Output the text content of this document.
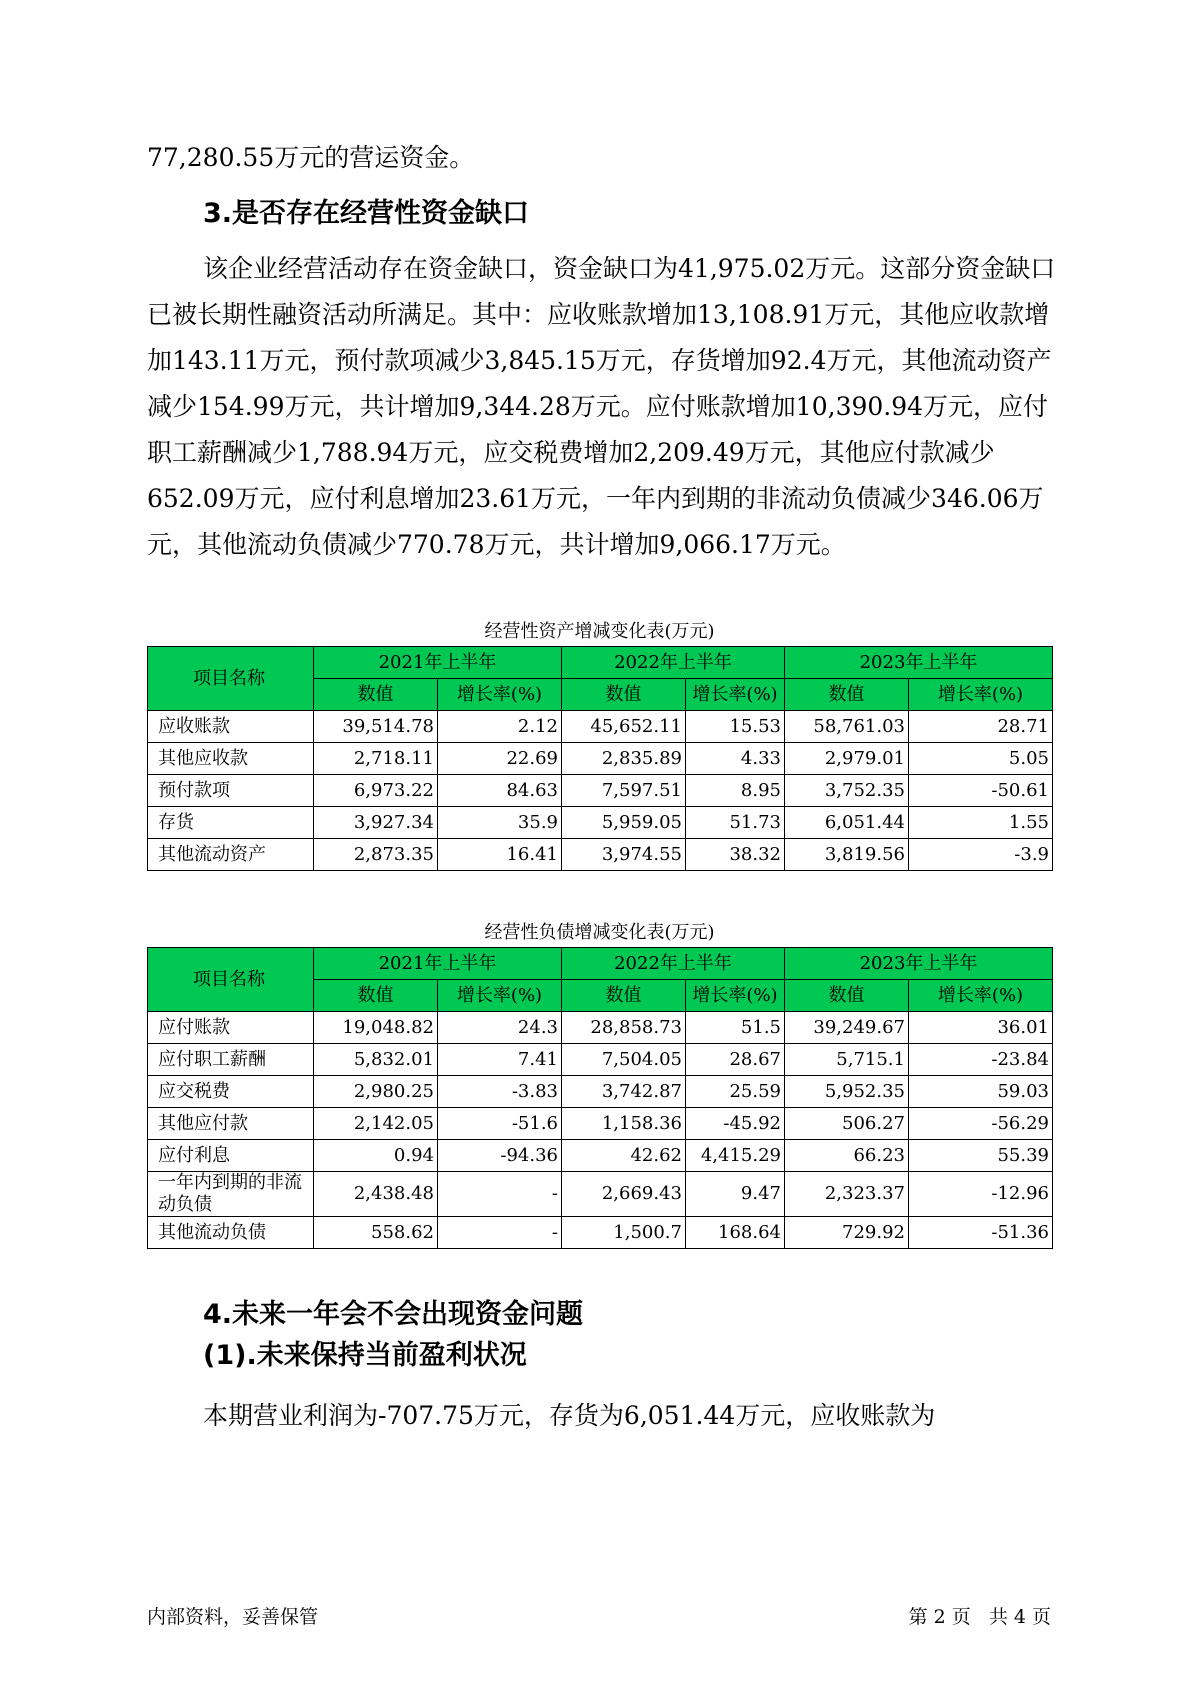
77,280.55万元的营运资金。

3.是否存在经营性资金缺口

该企业经营活动存在资金缺口，资金缺口为41,975.02万元。这部分资金缺口已被长期性融资活动所满足。其中：应收账款增加13,108.91万元，其他应收款增加143.11万元，预付款项减少3,845.15万元，存货增加92.4万元，其他流动资产减少154.99万元，共计增加9,344.28万元。应付账款增加10,390.94万元，应付职工薪酬减少1,788.94万元，应交税费增加2,209.49万元，其他应付款减少652.09万元，应付利息增加23.61万元，一年内到期的非流动负债减少346.06万元，其他流动负债减少770.78万元，共计增加9,066.17万元。

经营性资产增减变化表(万元)

项目名称	2021年上半年		2022年上半年		2023年上半年	
	数值	增长率(%)	数值	增长率(%)	数值	增长率(%)
应收账款	39,514.78	2.12	45,652.11	15.53	58,761.03	28.71
其他应收款	2,718.11	22.69	2,835.89	4.33	2,979.01	5.05
预付款项	6,973.22	84.63	7,597.51	8.95	3,752.35	-50.61
存货	3,927.34	35.9	5,959.05	51.73	6,051.44	1.55
其他流动资产	2,873.35	16.41	3,974.55	38.32	3,819.56	-3.9

经营性负债增减变化表(万元)

项目名称	2021年上半年		2022年上半年		2023年上半年	
	数值	增长率(%)	数值	增长率(%)	数值	增长率(%)
应付账款	19,048.82	24.3	28,858.73	51.5	39,249.67	36.01
应付职工薪酬	5,832.01	7.41	7,504.05	28.67	5,715.1	-23.84
应交税费	2,980.25	-3.83	3,742.87	25.59	5,952.35	59.03
其他应付款	2,142.05	-51.6	1,158.36	-45.92	506.27	-56.29
应付利息	0.94	-94.36	42.62	4,415.29	66.23	55.39
一年内到期的非流动负债	2,438.48	-	2,669.43	9.47	2,323.37	-12.96
其他流动负债	558.62	-	1,500.7	168.64	729.92	-51.36
4.未来一年会不会出现资金问题
(1).未来保持当前盈利状况

本期营业利润为-707.75万元，存货为6,051.44万元，应收账款为

内部资料，妥善保管	第 2 页   共 4 页
